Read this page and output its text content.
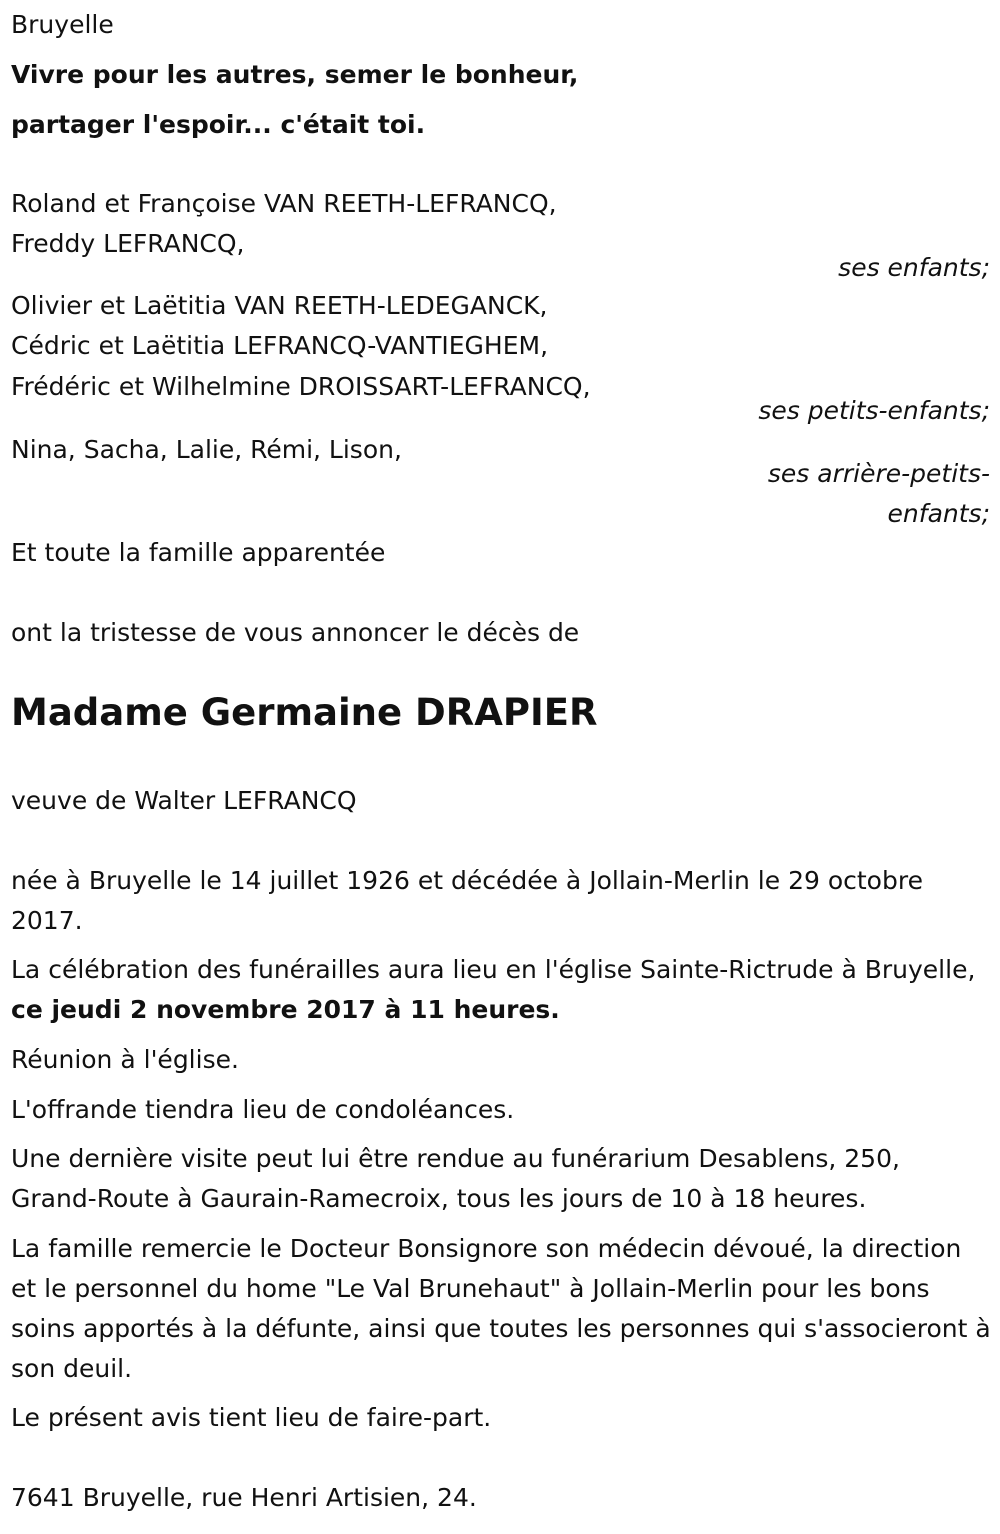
Bruyelle
Vivre pour les autres, semer le bonheur,
partager l'espoir... c'était toi.
Roland et Françoise VAN REETH-LEFRANCQ,
Freddy LEFRANCQ,
ses enfants;
Olivier et Laëtitia VAN REETH-LEDEGANCK,
Cédric et Laëtitia LEFRANCQ-VANTIEGHEM,
Frédéric et Wilhelmine DROISSART-LEFRANCQ,
ses petits-enfants;
Nina, Sacha, Lalie, Rémi, Lison,
ses arrière-petits-
enfants;
Et toute la famille apparentée
ont la tristesse de vous annoncer le décès de
Madame Germaine DRAPIER
veuve de Walter LEFRANCQ
née à Bruyelle le 14 juillet 1926 et décédée à Jollain-Merlin le 29 octobre 2017.
La célébration des funérailles aura lieu en l'église Sainte-Rictrude à Bruyelle, ce jeudi 2 novembre 2017 à 11 heures.
Réunion à l'église.
L'offrande tiendra lieu de condoléances.
Une dernière visite peut lui être rendue au funérarium Desablens, 250, Grand-Route à Gaurain-Ramecroix, tous les jours de 10 à 18 heures.
La famille remercie le Docteur Bonsignore son médecin dévoué, la direction et le personnel du home "Le Val Brunehaut" à Jollain-Merlin pour les bons soins apportés à la défunte, ainsi que toutes les personnes qui s'associeront à son deuil.
Le présent avis tient lieu de faire-part.
7641 Bruyelle, rue Henri Artisien, 24.
